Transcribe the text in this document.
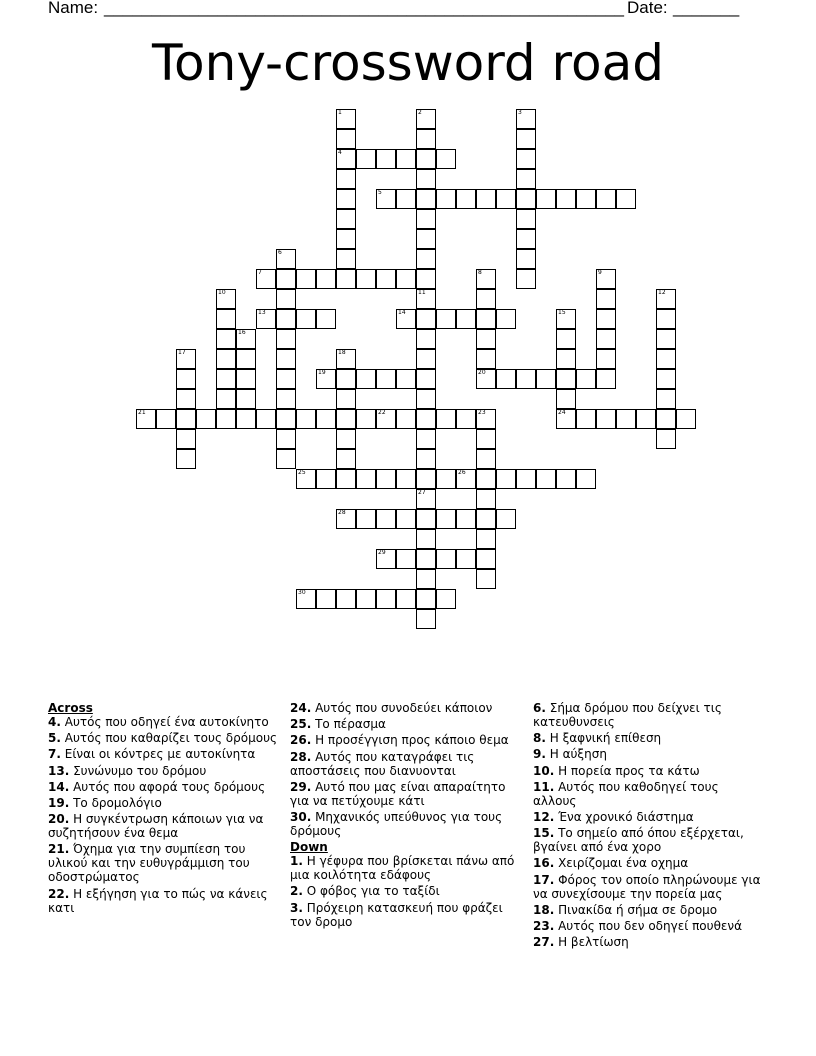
Name: _______________________________________________________ Date: _______
Tony-crossword road
1
4
2	3
5
6
7	8
20
9
10	11
27
12
13	14	15
24
16
17	18
19
21	22	23
25	26
28
29
30

Across

4. Αυτός που οδηγεί ένα αυτοκίνητο

5. Αυτός που καθαρίζει τους δρόμους

7. Είναι οι κόντρες με αυτοκίνητα

13. Συνώνυμο του δρόμου

14. Αυτός που αφορά τους δρόμους

19. Το δρομολόγιο

20. Η συγκέντρωση κάποιων για να συζητήσουν ένα θεμα

21. Όχημα για την συμπίεση του υλικού και την ευθυγράμμιση του οδοστρώματος

22. Η εξήγηση για το πώς να κάνεις κατι

24. Αυτός που συνοδεύει κάποιον

25. Το πέρασμα

26. Η προσέγγιση προς κάποιο θεμα

28. Αυτός που καταγράφει τις αποστάσεις που διανυονται

29. Αυτό που μας είναι απαραίτητο για να πετύχουμε κάτι

30. Μηχανικός υπεύθυνος για τους δρόμους

Down

1. Η γέφυρα που βρίσκεται πάνω από μια κοιλότητα εδάφους

2. Ο φόβος για το ταξίδι

3. Πρόχειρη κατασκευή που φράζει τον δρομο

6. Σήμα δρόμου που δείχνει τις κατευθυνσεις

8. Η ξαφνική επίθεση

9. Η αύξηση

10. Η πορεία προς τα κάτω

11. Αυτός που καθοδηγεί τους αλλους

12. Ένα χρονικό διάστημα

15. Το σημείο από όπου εξέρχεται, βγαίνει από ένα χορο

16. Χειρίζομαι ένα οχημα

17. Φόρος τον οποίο πληρώνουμε για να συνεχίσουμε την πορεία μας

18. Πινακίδα ή σήμα σε δρομο

23. Αυτός που δεν οδηγεί πουθενά

27. Η βελτίωση
